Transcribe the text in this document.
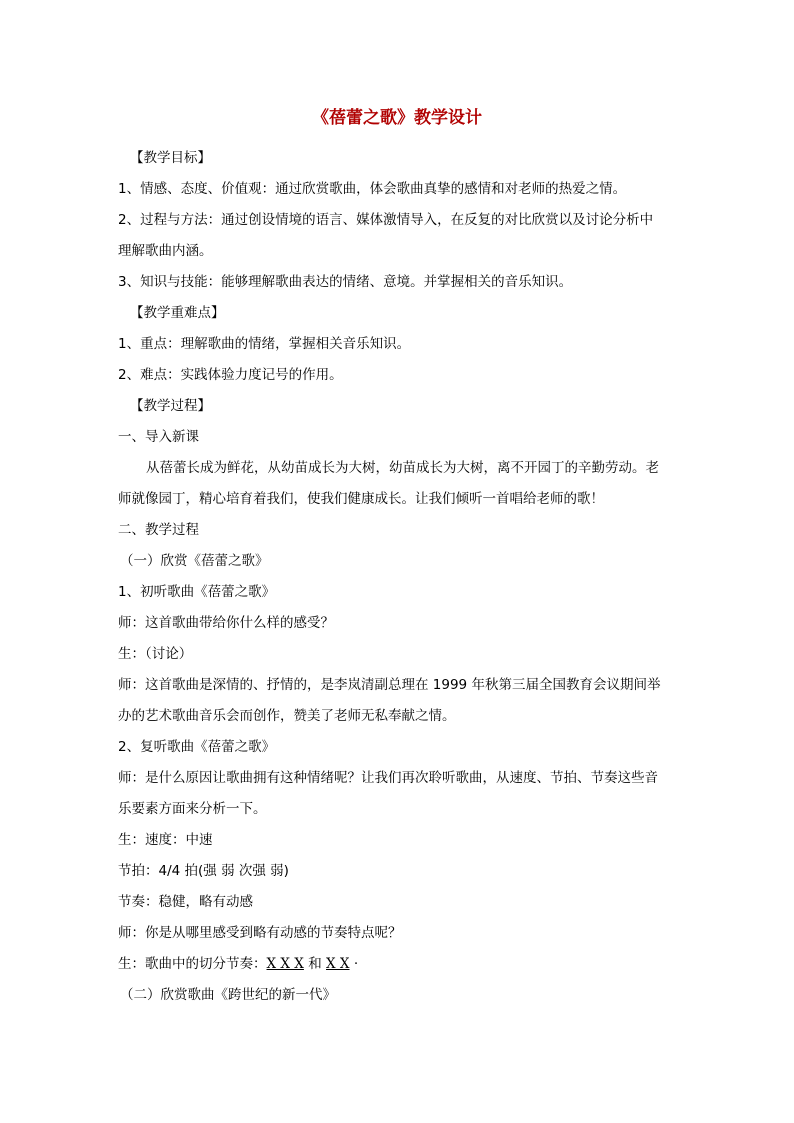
《蓓蕾之歌》教学设计
【教学目标】
1、情感、态度、价值观：通过欣赏歌曲，体会歌曲真挚的感情和对老师的热爱之情。
2、过程与方法：通过创设情境的语言、媒体激情导入，在反复的对比欣赏以及讨论分析中
理解歌曲内涵。
3、知识与技能：能够理解歌曲表达的情绪、意境。并掌握相关的音乐知识。
【教学重难点】
1、重点：理解歌曲的情绪，掌握相关音乐知识。
2、难点：实践体验力度记号的作用。
【教学过程】
一、导入新课
从蓓蕾长成为鲜花，从幼苗成长为大树，幼苗成长为大树，离不开园丁的辛勤劳动。老
师就像园丁，精心培育着我们，使我们健康成长。让我们倾听一首唱给老师的歌！
二、教学过程
（一）欣赏《蓓蕾之歌》
1、初听歌曲《蓓蕾之歌》
师：这首歌曲带给你什么样的感受？
生：（讨论）
师：这首歌曲是深情的、抒情的，是李岚清副总理在 1999 年秋第三届全国教育会议期间举
办的艺术歌曲音乐会而创作，赞美了老师无私奉献之情。
2、复听歌曲《蓓蕾之歌》
师：是什么原因让歌曲拥有这种情绪呢？让我们再次聆听歌曲，从速度、节拍、节奏这些音
乐要素方面来分析一下。
生：速度：中速
节拍：4/4 拍(强 弱 次强 弱)
节奏：稳健，略有动感
师：你是从哪里感受到略有动感的节奏特点呢？
生：歌曲中的切分节奏：X X X 和 X X ·
（二）欣赏歌曲《跨世纪的新一代》
